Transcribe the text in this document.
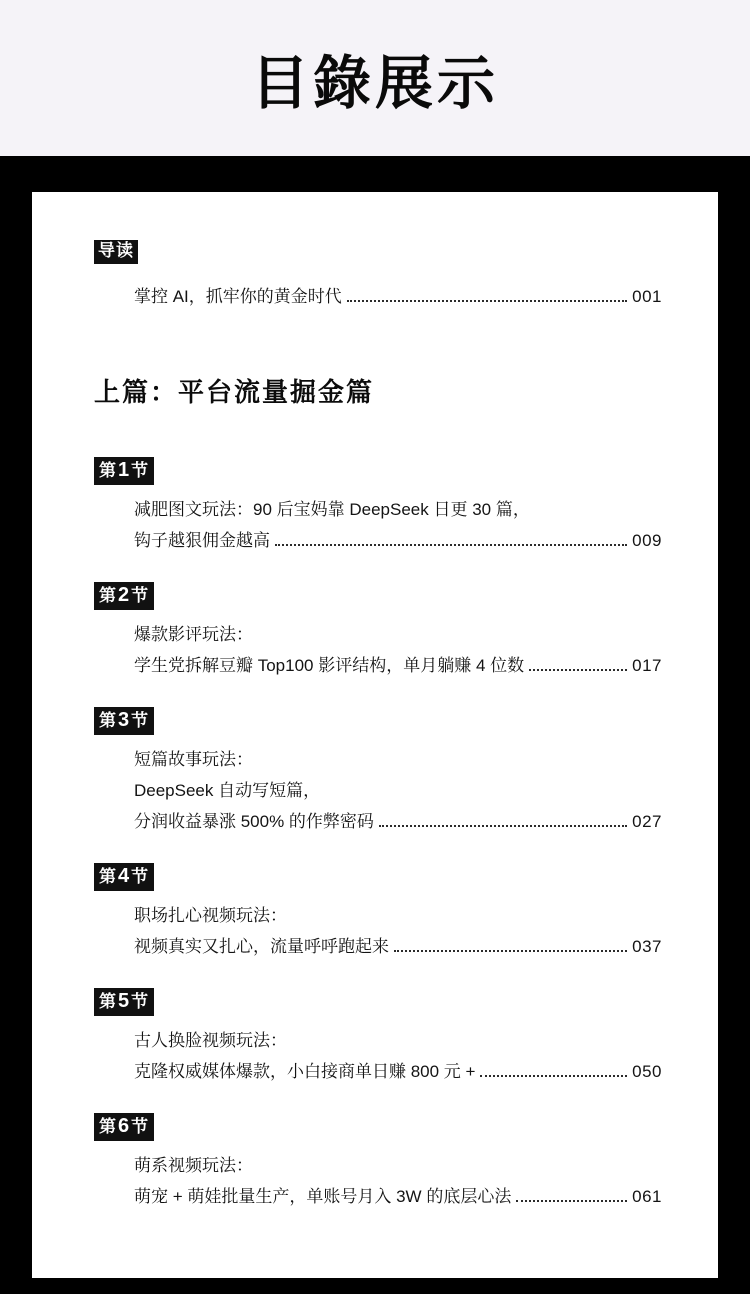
目錄展示
导读
掌控 AI，抓牢你的黄金时代	001
上篇：平台流量掘金篇
第1节
减肥图文玩法：90 后宝妈靠 DeepSeek 日更 30 篇，
钩子越狠佣金越高	009
第2节
爆款影评玩法：
学生党拆解豆瓣 Top100 影评结构，单月躺赚 4 位数	017
第3节
短篇故事玩法：
DeepSeek 自动写短篇，
分润收益暴涨 500% 的作弊密码	027
第4节
职场扎心视频玩法：
视频真实又扎心，流量呼呼跑起来	037
第5节
古人换脸视频玩法：
克隆权威媒体爆款，小白接商单日赚 800 元 +	050
第6节
萌系视频玩法：
萌宠 + 萌娃批量生产，单账号月入 3W 的底层心法	061
